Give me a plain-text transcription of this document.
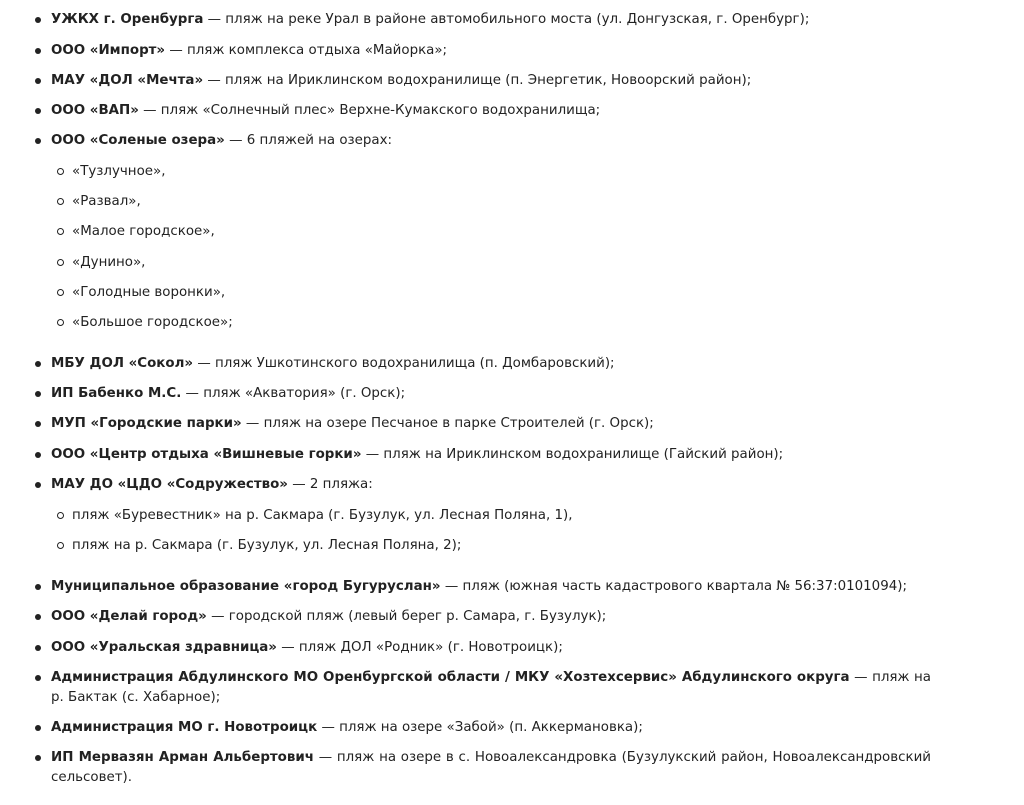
УЖКХ г. Оренбурга — пляж на реке Урал в районе автомобильного моста (ул. Донгузская, г. Оренбург);
ООО «Импорт» — пляж комплекса отдыха «Майорка»;
МАУ «ДОЛ «Мечта» — пляж на Ириклинском водохранилище (п. Энергетик, Новоорский район);
ООО «ВАП» — пляж «Солнечный плес» Верхне-Кумакского водохранилища;
ООО «Соленые озера» — 6 пляжей на озерах:
«Тузлучное»,
«Развал»,
«Малое городское»,
«Дунино»,
«Голодные воронки»,
«Большое городское»;
МБУ ДОЛ «Сокол» — пляж Ушкотинского водохранилища (п. Домбаровский);
ИП Бабенко М.С. — пляж «Акватория» (г. Орск);
МУП «Городские парки» — пляж на озере Песчаное в парке Строителей (г. Орск);
ООО «Центр отдыха «Вишневые горки» — пляж на Ириклинском водохранилище (Гайский район);
МАУ ДО «ЦДО «Содружество» — 2 пляжа:
пляж «Буревестник» на р. Сакмара (г. Бузулук, ул. Лесная Поляна, 1),
пляж на р. Сакмара (г. Бузулук, ул. Лесная Поляна, 2);
Муниципальное образование «город Бугуруслан» — пляж (южная часть кадастрового квартала № 56:37:0101094);
ООО «Делай город» — городской пляж (левый берег р. Самара, г. Бузулук);
ООО «Уральская здравница» — пляж ДОЛ «Родник» (г. Новотроицк);
Администрация Абдулинского МО Оренбургской области / МКУ «Хозтехсервис» Абдулинского округа — пляж на р. Бактак (с. Хабарное);
Администрация МО г. Новотроицк — пляж на озере «Забой» (п. Аккермановка);
ИП Мервазян Арман Альбертович — пляж на озере в с. Новоалександровка (Бузулукский район, Новоалександровский сельсовет).
